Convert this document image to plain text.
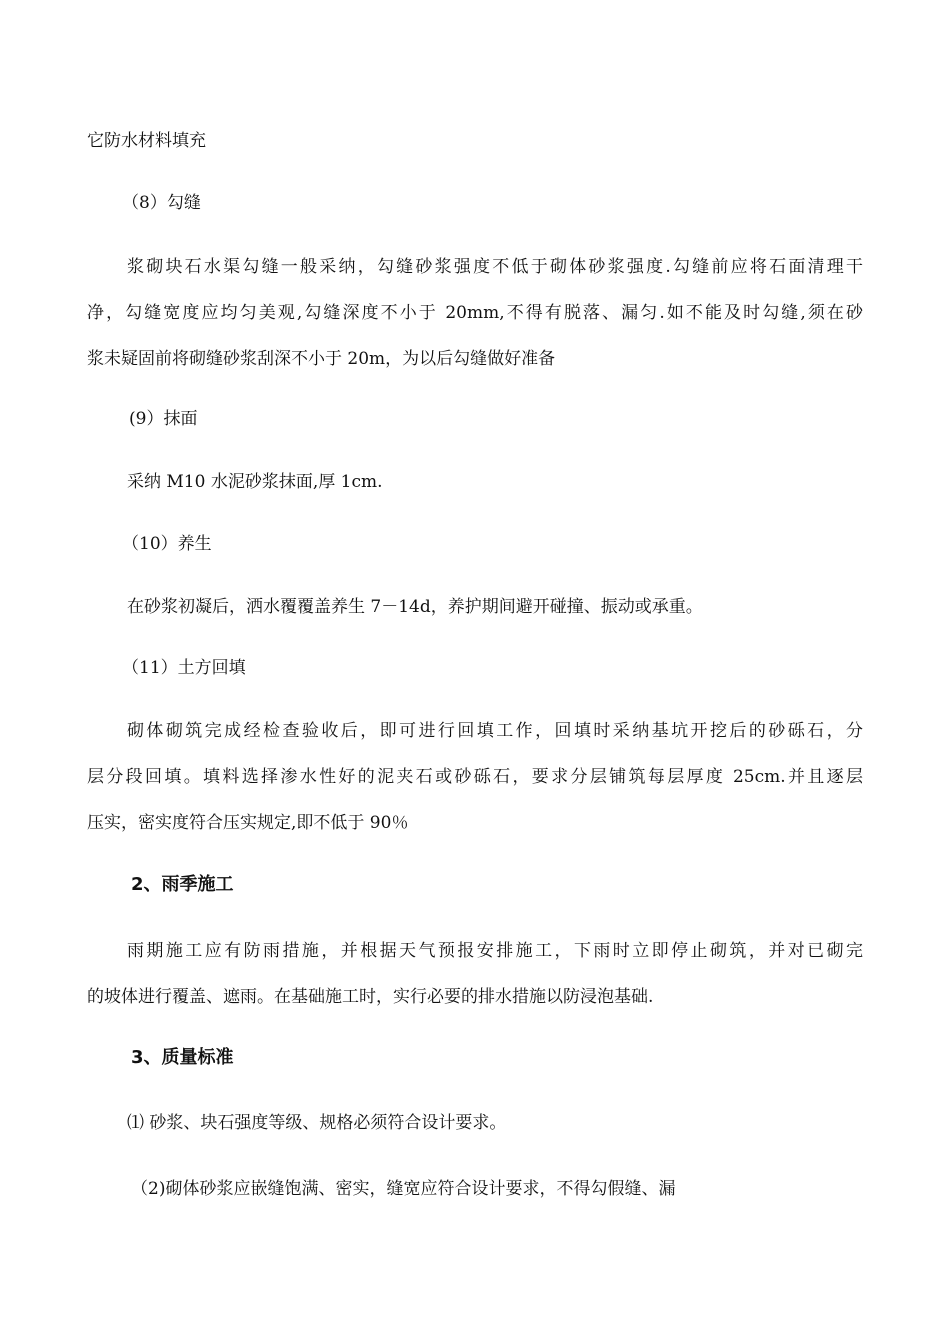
它防水材料填充

（8）勾缝

浆砌块石水渠勾缝一般采纳，勾缝砂浆强度不低于砌体砂浆强度.勾缝前应将石面清理干

净，勾缝宽度应均匀美观,勾缝深度不小于 20mm,不得有脱落、漏匀.如不能及时勾缝,须在砂

浆未疑固前将砌缝砂浆刮深不小于 20m，为以后勾缝做好准备

(9）抹面

采纳 M10 水泥砂浆抹面,厚 1cm.

（10）养生

在砂浆初凝后，洒水覆覆盖养生 7－14d，养护期间避开碰撞、振动或承重。

（11）土方回填

砌体砌筑完成经检查验收后，即可进行回填工作，回填时采纳基坑开挖后的砂砾石，分

层分段回填。填料选择渗水性好的泥夹石或砂砾石，要求分层铺筑每层厚度 25cm.并且逐层

压实，密实度符合压实规定,即不低于 90％

2、雨季施工

雨期施工应有防雨措施，并根据天气预报安排施工，下雨时立即停止砌筑，并对已砌完

的坡体进行覆盖、遮雨。在基础施工时，实行必要的排水措施以防浸泡基础.

3、质量标准

⑴ 砂浆、块石强度等级、规格必须符合设计要求。

（2)砌体砂浆应嵌缝饱满、密实，缝宽应符合设计要求，不得勾假缝、漏
